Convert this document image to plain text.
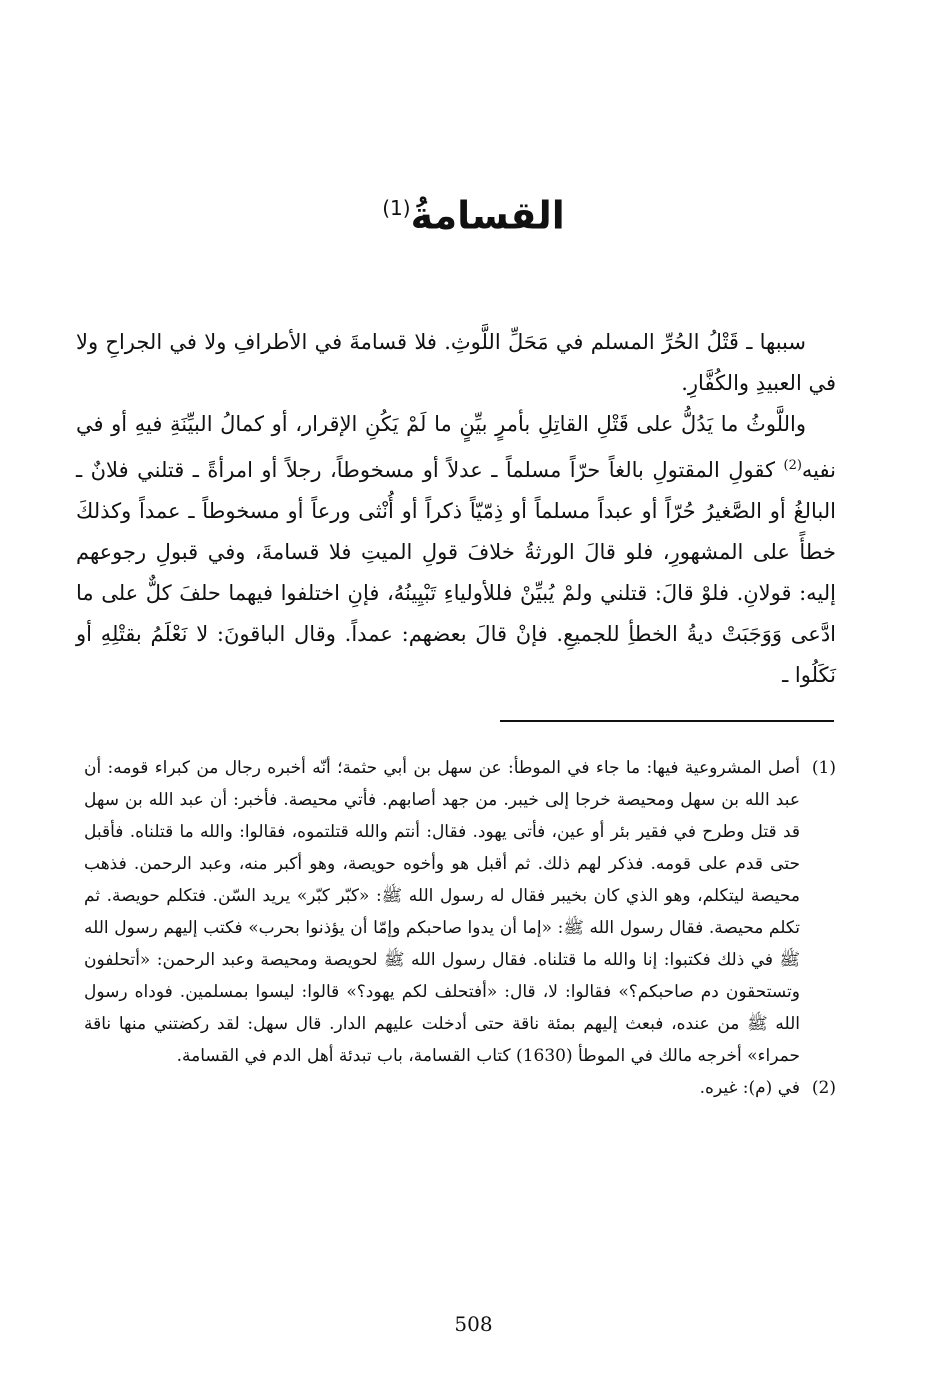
القسامةُ$^{(1)}$

سببها ـ قَتْلُ الحُرِّ المسلم في مَحَلِّ اللَّوثِ. فلا قسامةَ في الأطرافِ ولا في الجراحِ ولا في العبيدِ والكُفَّارِ.

واللَّوثُ ما يَدُلُّ على قَتْلِ القاتِلِ بأمرٍ بيِّنٍ ما لَمْ يَكُنِ الإقرار، أو كمالُ البيِّنَةِ فيهِ أو في نفيه$^{(2)}$ كقولِ المقتولِ بالغاً حرّاً مسلماً ـ عدلاً أو مسخوطاً، رجلاً أو امرأةً ـ قتلني فلانٌ ـ البالغُ أو الصَّغيرُ حُرّاً أو عبداً مسلماً أو ذِمّيّاً ذكراً أو أُنْثى ورعاً أو مسخوطاً ـ عمداً وكذلكَ خطأً على المشهورِ، فلو قالَ الورثةُ خلافَ قولِ الميتِ فلا قسامةَ، وفي قبولِ رجوعهم إليه: قولانِ. فلوْ قالَ: قتلني ولمْ يُبيِّنْ فللأولياءِ تَبْيِينُهُ، فإنِ اختلفوا فيهما حلفَ كلٌّ على ما ادَّعى وَوَجَبَتْ ديةُ الخطأِ للجميعِ. فإنْ قالَ بعضهم: عمداً. وقال الباقونَ: لا نَعْلَمُ بقتْلِهِ أو نَكَلُوا ـ

(1)
أصل المشروعية فيها: ما جاء في الموطأ: عن سهل بن أبي حثمة؛ أنّه أخبره رجال من كبراء قومه: أن عبد الله بن سهل ومحيصة خرجا إلى خيبر. من جهد أصابهم. فأتي محيصة. فأخبر: أن عبد الله بن سهل قد قتل وطرح في فقير بئر أو عين، فأتى يهود. فقال: أنتم والله قتلتموه، فقالوا: والله ما قتلناه. فأقبل حتى قدم على قومه. فذكر لهم ذلك. ثم أقبل هو وأخوه حويصة، وهو أكبر منه، وعبد الرحمن. فذهب محيصة ليتكلم، وهو الذي كان بخيبر فقال له رسول الله ﷺ: «كبّر كبّر» يريد السّن. فتكلم حويصة. ثم تكلم محيصة. فقال رسول الله ﷺ: «إما أن يدوا صاحبكم وإمّا أن يؤذنوا بحرب» فكتب إليهم رسول الله ﷺ في ذلك فكتبوا: إنا والله ما قتلناه. فقال رسول الله ﷺ لحويصة ومحيصة وعبد الرحمن: «أتحلفون وتستحقون دم صاحبكم؟» فقالوا: لا، قال: «أفتحلف لكم يهود؟» قالوا: ليسوا بمسلمين. فوداه رسول الله ﷺ من عنده، فبعث إليهم بمئة ناقة حتى أدخلت عليهم الدار. قال سهل: لقد ركضتني منها ناقة حمراء» أخرجه مالك في الموطأ (1630) كتاب القسامة، باب تبدئة أهل الدم في القسامة.
(2)
في (م): غيره.
508
